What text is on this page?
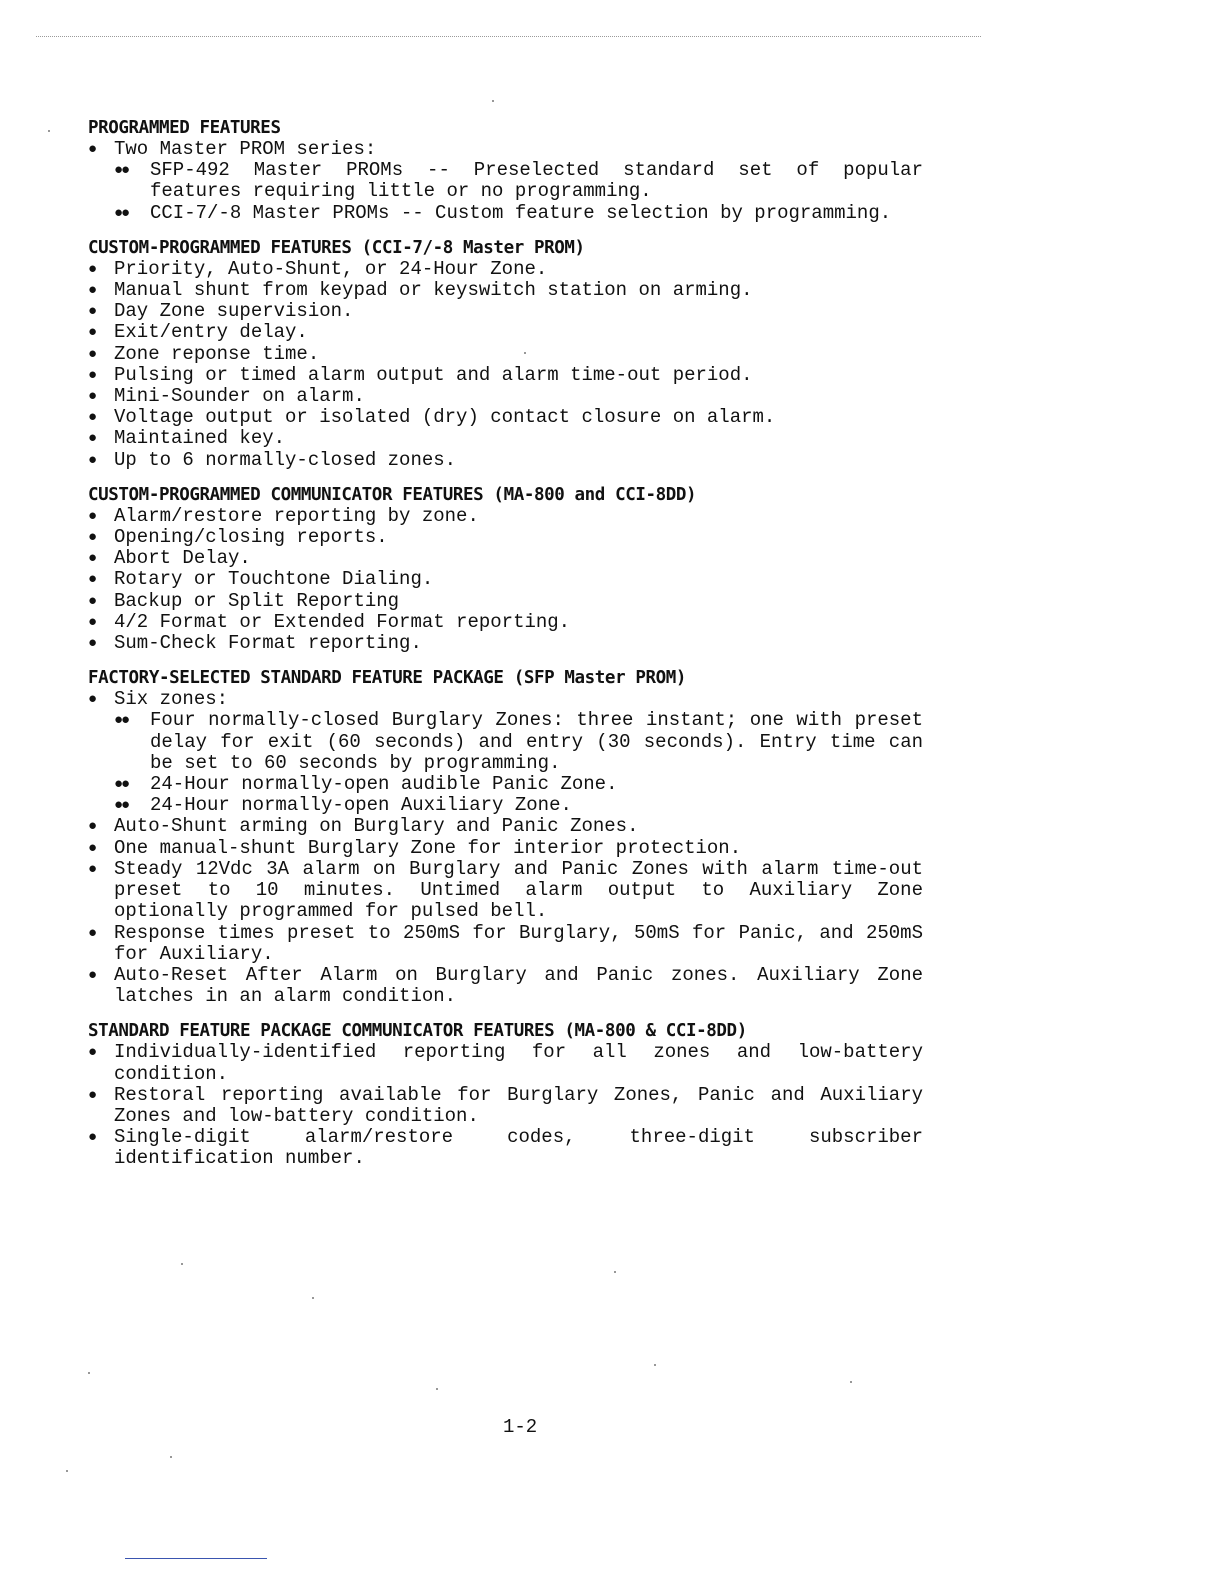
PROGRAMMED FEATURES
● Two Master PROM series:
●●	SFP-492 Master PROMs -- Preselected standard set of popular features requiring little or no programming.
●●	CCI-7/-8 Master PROMs -- Custom feature selection by programming.
CUSTOM-PROGRAMMED FEATURES (CCI-7/-8 Master PROM)
● Priority, Auto-Shunt, or 24-Hour Zone.
● Manual shunt from keypad or keyswitch station on arming.
● Day Zone supervision.
● Exit/entry delay.
● Zone reponse time.
● Pulsing or timed alarm output and alarm time-out period.
● Mini-Sounder on alarm.
● Voltage output or isolated (dry) contact closure on alarm.
● Maintained key.
● Up to 6 normally-closed zones.
CUSTOM-PROGRAMMED COMMUNICATOR FEATURES (MA-800 and CCI-8DD)
● Alarm/restore reporting by zone.
● Opening/closing reports.
● Abort Delay.
● Rotary or Touchtone Dialing.
● Backup or Split Reporting
● 4/2 Format or Extended Format reporting.
● Sum-Check Format reporting.
FACTORY-SELECTED STANDARD FEATURE PACKAGE (SFP Master PROM)
● Six zones:
●●	Four normally-closed Burglary Zones: three instant; one with preset delay for exit (60 seconds) and entry (30 seconds). Entry time can be set to 60 seconds by programming.
●●	24-Hour normally-open audible Panic Zone.
●●	24-Hour normally-open Auxiliary Zone.
● Auto-Shunt arming on Burglary and Panic Zones.
● One manual-shunt Burglary Zone for interior protection.
● Steady 12Vdc 3A alarm on Burglary and Panic Zones with alarm time-out preset to 10 minutes. Untimed alarm output to Auxiliary Zone optionally programmed for pulsed bell.
● Response times preset to 250mS for Burglary, 50mS for Panic, and 250mS for Auxiliary.
● Auto-Reset After Alarm on Burglary and Panic zones. Auxiliary Zone latches in an alarm condition.
STANDARD FEATURE PACKAGE COMMUNICATOR FEATURES (MA-800 & CCI-8DD)
● Individually-identified reporting for all zones and low-battery condition.
● Restoral reporting available for Burglary Zones, Panic and Auxiliary Zones and low-battery condition.
● Single-digit alarm/restore codes, three-digit subscriber identification number.
1-2
